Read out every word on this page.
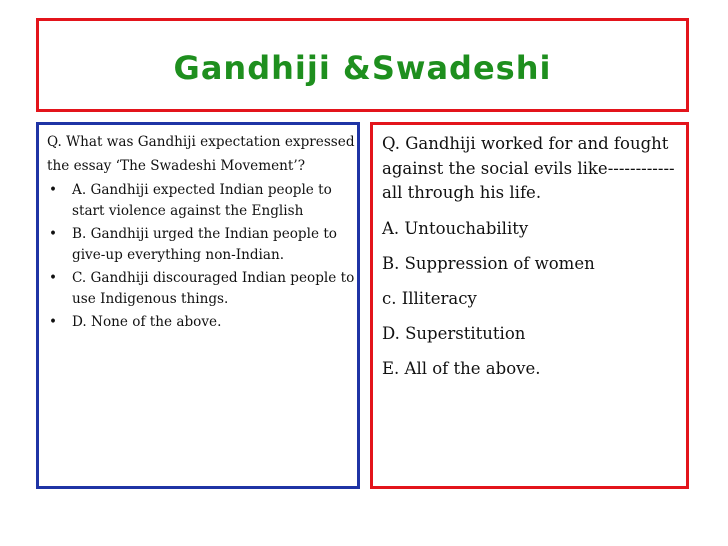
Gandhiji &Swadeshi

Q. What was Gandhiji expectation expressed the essay ‘The Swadeshi Movement’?

• A. Gandhiji expected Indian people to start violence against the English
• B. Gandhiji urged the Indian people to give-up everything non-Indian.
• C. Gandhiji discouraged Indian people to use Indigenous things.
• D. None of the above.

Q. Gandhiji worked for and fought against the social evils like------------all through his life.

A. Untouchability
B. Suppression of women
c. Illiteracy
D. Superstitution
E. All of the above.
